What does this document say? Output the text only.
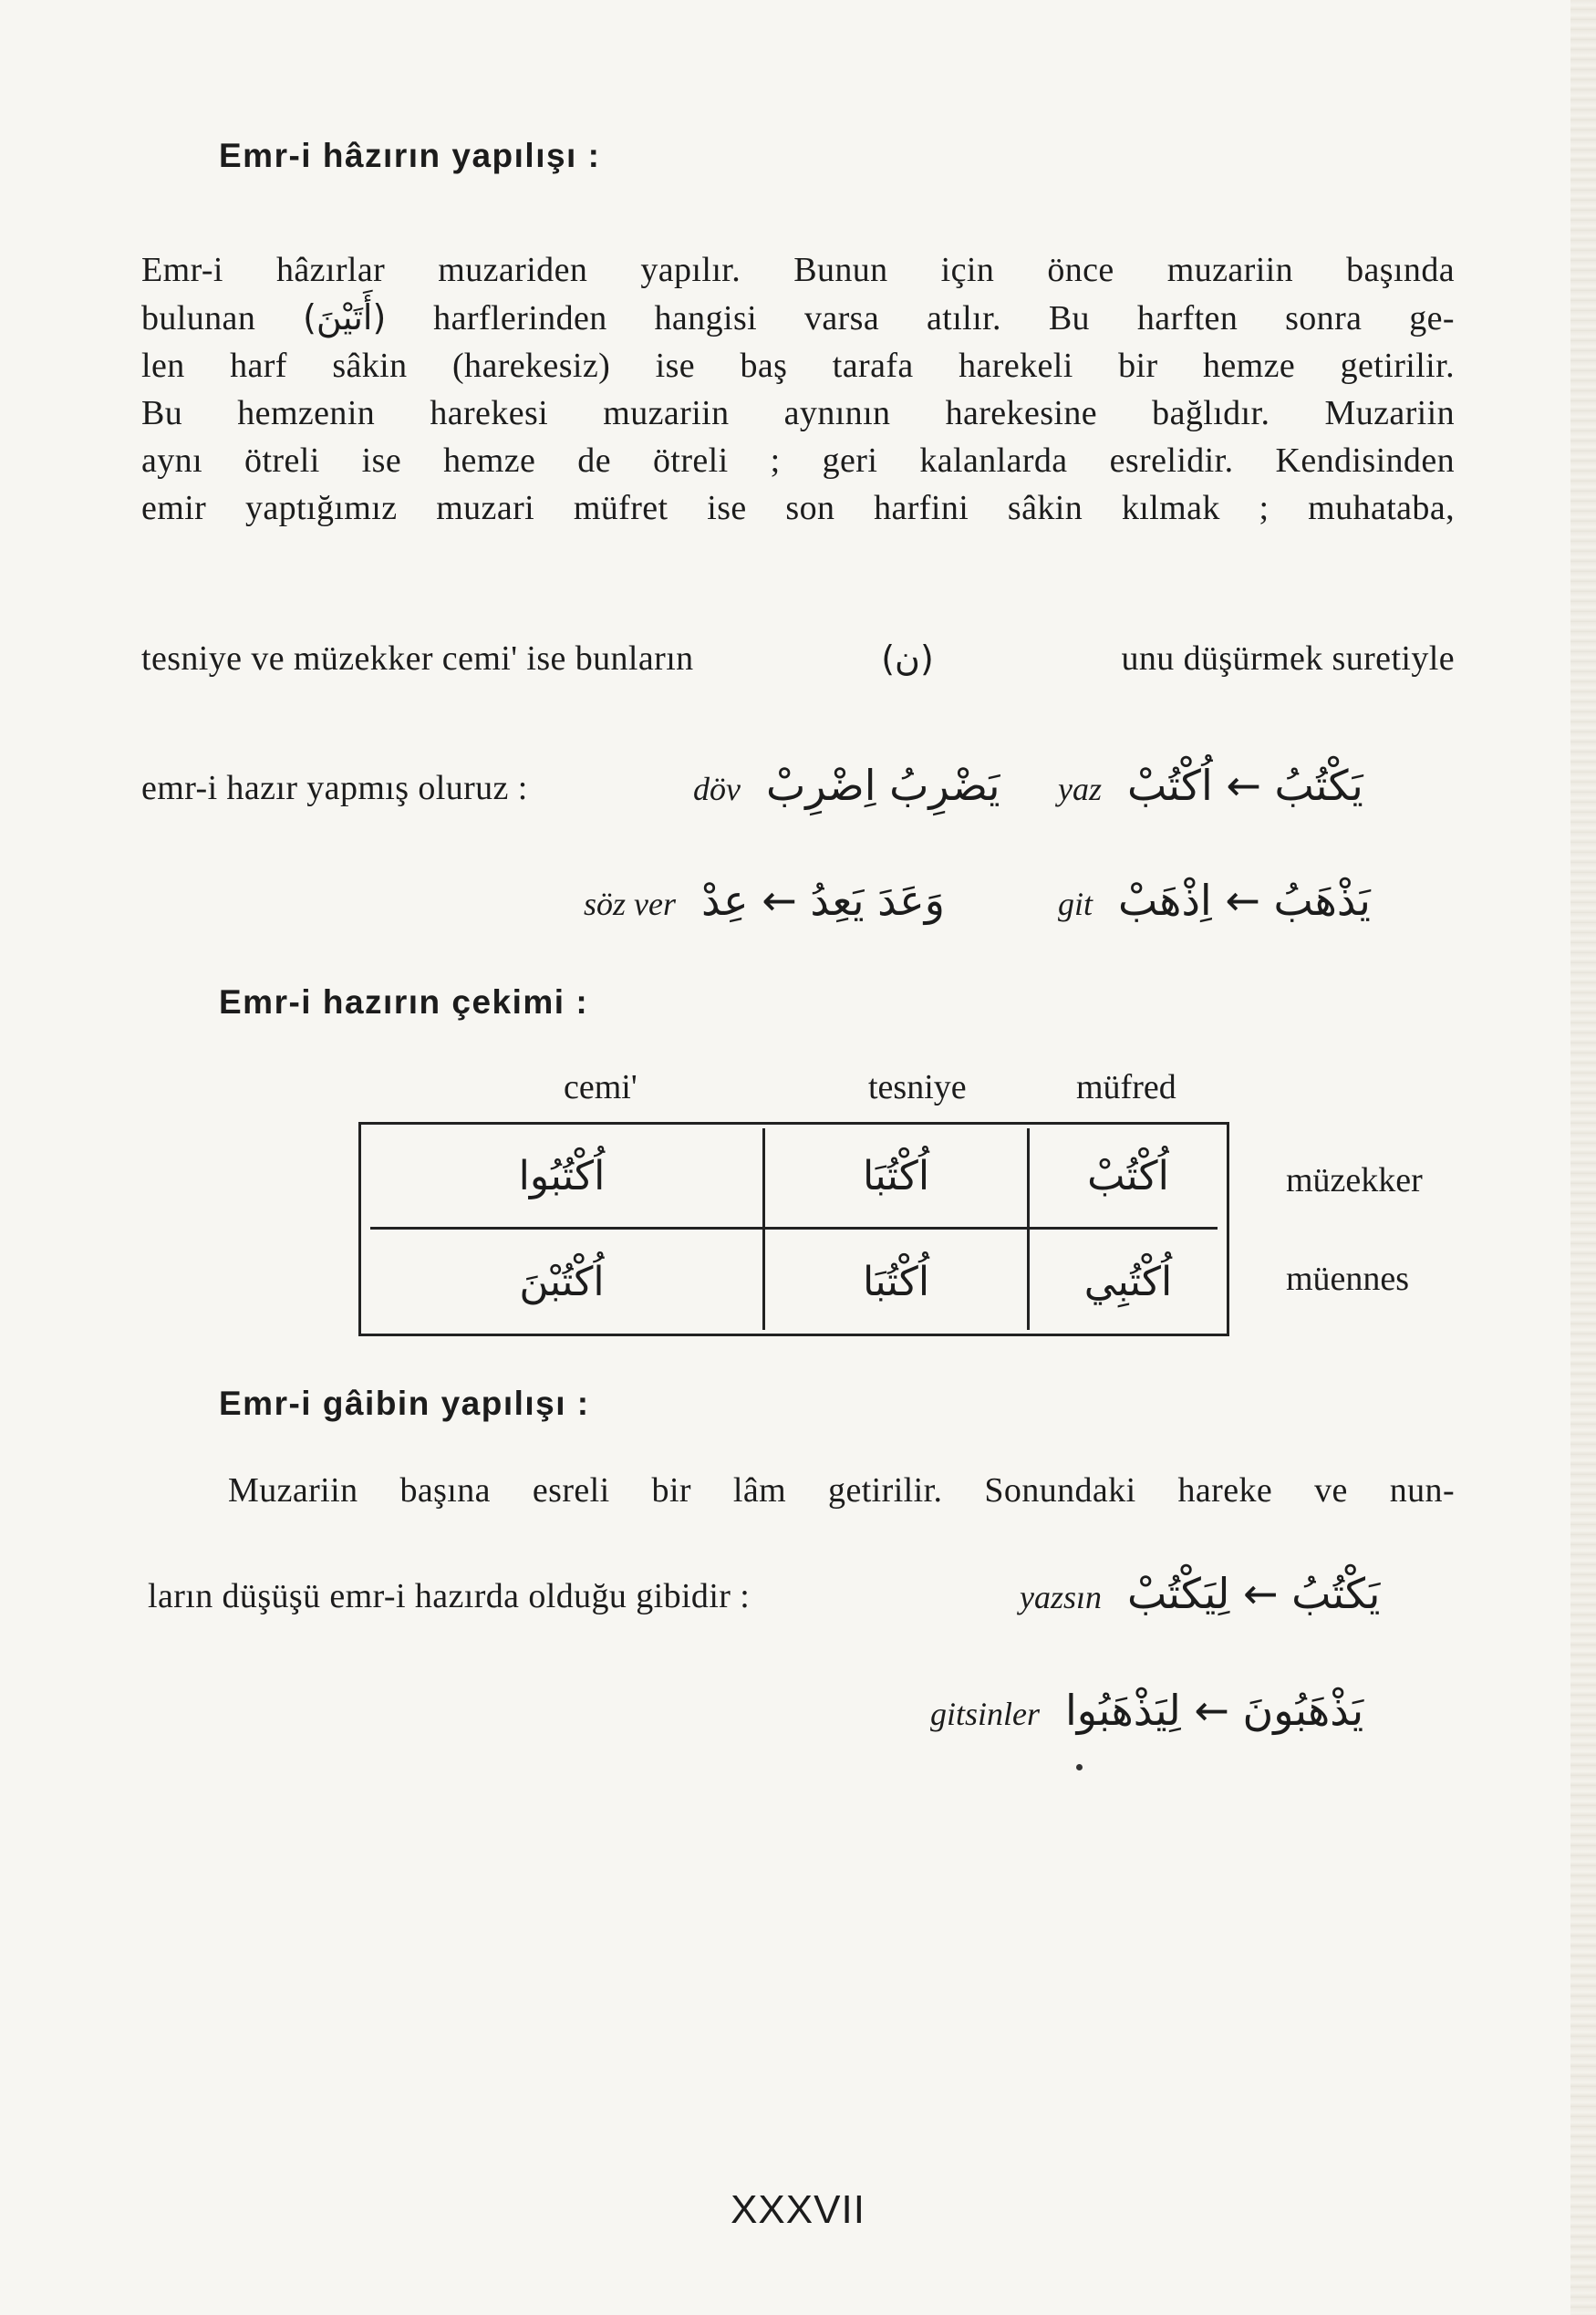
Emr-i hâzırın yapılışı :
Emr-i hâzırlar muzariden yapılır. Bunun için önce muzariin başında
bulunan (أَتَيْنَ) harflerinden hangisi varsa atılır. Bu harften sonra ge-
len harf sâkin (harekesiz) ise baş tarafa harekeli bir hemze getirilir.
Bu hemzenin harekesi muzariin aynının harekesine bağlıdır. Muzariin
aynı ötreli ise hemze de ötreli ; geri kalanlarda esrelidir. Kendisinden
emir yaptığımız muzari müfret ise son harfini sâkin kılmak ; muhataba,
tesniye ve müzekker cemi' ise bunların	(ن)	unu düşürmek suretiyle
emr-i hazır yapmış oluruz :	döv يَضْرِبُ اِضْرِبْ yaz يَكْتُبُ ← اُكْتُبْ
söz ver وَعَدَ يَعِدُ ← عِدْ	git يَذْهَبُ ← اِذْهَبْ
Emr-i hazırın çekimi :
cemi'	tesniye	müfred
اُكْتُبُوا	اُكْتُبَا	اُكْتُبْ
اُكْتُبْنَ	اُكْتُبَا	اُكْتُبِي
müzekker
müennes
Emr-i gâibin yapılışı :
Muzariin başına esreli bir lâm getirilir. Sonundaki hareke ve nun-
ların düşüşü emr-i hazırda olduğu gibidir :	yazsın يَكْتُبُ ← لِيَكْتُبْ
gitsinler يَذْهَبُونَ ← لِيَذْهَبُوا
XXXVII
